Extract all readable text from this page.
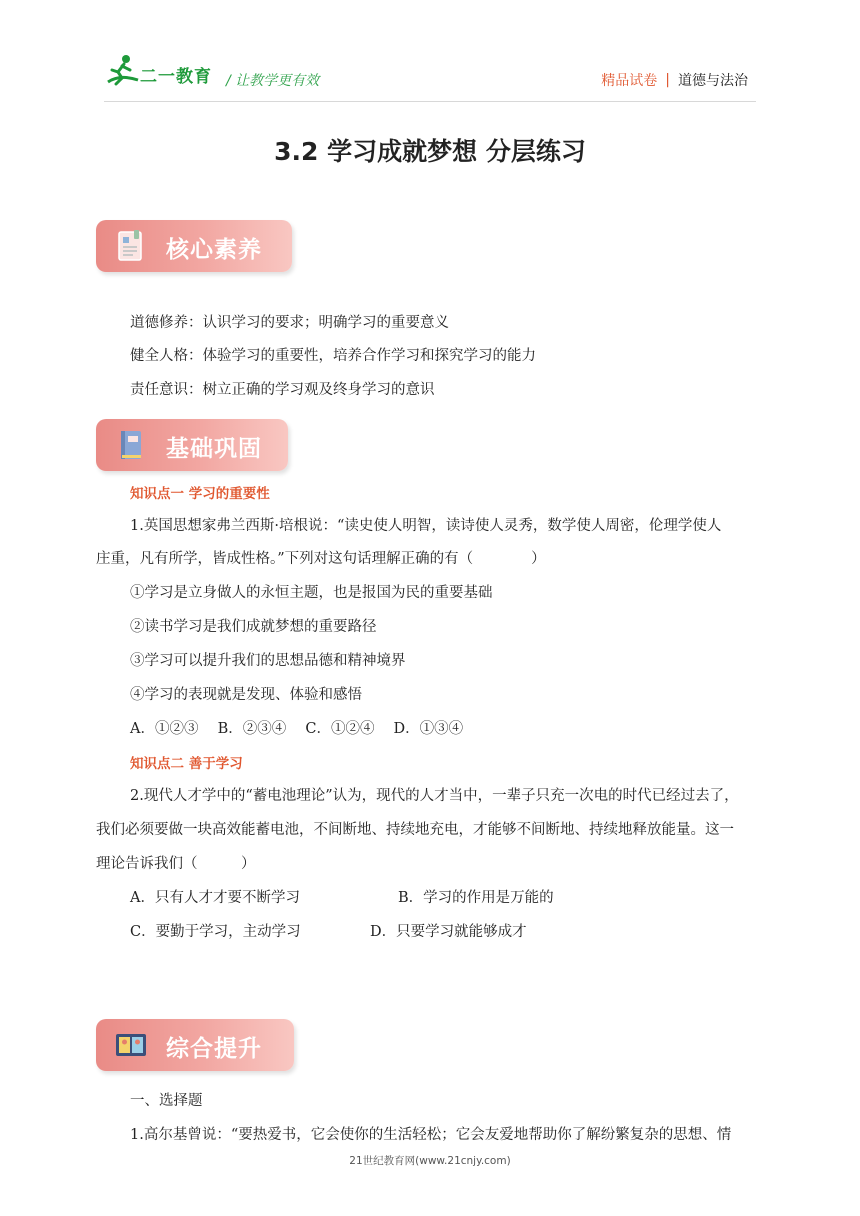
二一教育 / 让教学更有效	精品试卷 | 道德与法治
3.2 学习成就梦想 分层练习
核心素养
道德修养：认识学习的要求；明确学习的重要意义
健全人格：体验学习的重要性，培养合作学习和探究学习的能力
责任意识：树立正确的学习观及终身学习的意识
基础巩固
知识点一 学习的重要性
1.英国思想家弗兰西斯·培根说：“读史使人明智，读诗使人灵秀，数学使人周密，伦理学使人
庄重，凡有所学，皆成性格。”下列对这句话理解正确的有（　　　　）
①学习是立身做人的永恒主题，也是报国为民的重要基础
②读书学习是我们成就梦想的重要路径
③学习可以提升我们的思想品德和精神境界
④学习的表现就是发现、体验和感悟
A．①②③　 B．②③④　 C．①②④　 D．①③④
知识点二 善于学习
2.现代人才学中的“蓄电池理论”认为，现代的人才当中，一辈子只充一次电的时代已经过去了，
我们必须要做一块高效能蓄电池，不间断地、持续地充电，才能够不间断地、持续地释放能量。这一
理论告诉我们（　　　）
A．只有人才才要不断学习	B．学习的作用是万能的
C．要勤于学习，主动学习	D．只要学习就能够成才
综合提升
一、选择题
1.高尔基曾说：“要热爱书，它会使你的生活轻松；它会友爱地帮助你了解纷繁复杂的思想、情
21世纪教育网(www.21cnjy.com)
